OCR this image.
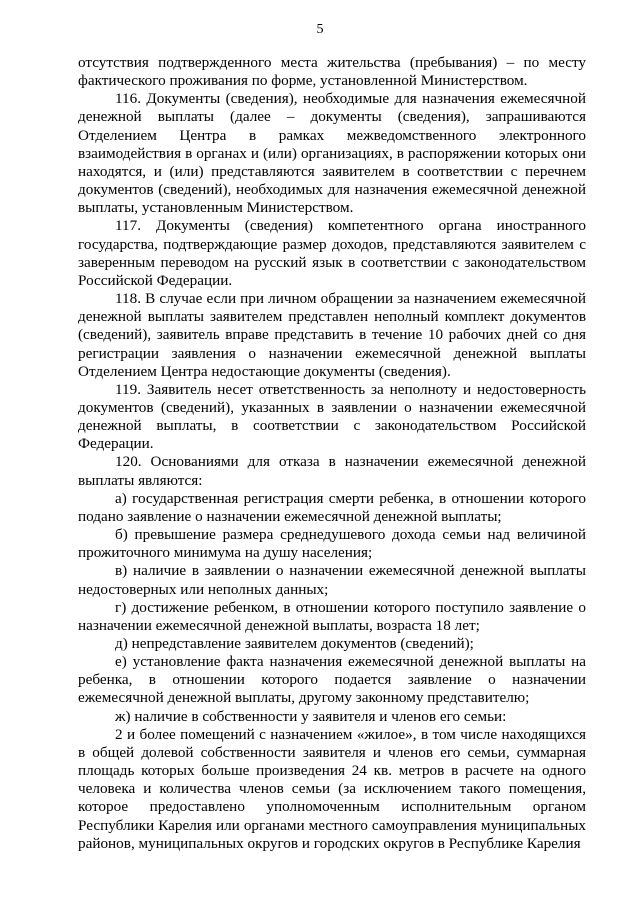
5

отсутствия подтвержденного места жительства (пребывания) – по месту фактического проживания по форме, установленной Министерством.

116. Документы (сведения), необходимые для назначения ежемесячной денежной выплаты (далее – документы (сведения), запрашиваются Отделением Центра в рамках межведомственного электронного взаимодействия в органах и (или) организациях, в распоряжении которых они находятся, и (или) представляются заявителем в соответствии с перечнем документов (сведений), необходимых для назначения ежемесячной денежной выплаты, установленным Министерством.

117. Документы (сведения) компетентного органа иностранного государства, подтверждающие размер доходов, представляются заявителем с заверенным переводом на русский язык в соответствии с законодательством Российской Федерации.

118. В случае если при личном обращении за назначением ежемесячной денежной выплаты заявителем представлен неполный комплект документов (сведений), заявитель вправе представить в течение 10 рабочих дней со дня регистрации заявления о назначении ежемесячной денежной выплаты Отделением Центра недостающие документы (сведения).

119. Заявитель несет ответственность за неполноту и недостоверность документов (сведений), указанных в заявлении о назначении ежемесячной денежной выплаты, в соответствии с законодательством Российской Федерации.

120. Основаниями для отказа в назначении ежемесячной денежной выплаты являются:

а) государственная регистрация смерти ребенка, в отношении которого подано заявление о назначении ежемесячной денежной выплаты;

б) превышение размера среднедушевого дохода семьи над величиной прожиточного минимума на душу населения;

в) наличие в заявлении о назначении ежемесячной денежной выплаты недостоверных или неполных данных;

г) достижение ребенком, в отношении которого поступило заявление о назначении ежемесячной денежной выплаты, возраста 18 лет;

д) непредставление заявителем документов (сведений);

е) установление факта назначения ежемесячной денежной выплаты на ребенка, в отношении которого подается заявление о назначении ежемесячной денежной выплаты, другому законному представителю;

ж) наличие в собственности у заявителя и членов его семьи:

2 и более помещений с назначением «жилое», в том числе находящихся в общей долевой собственности заявителя и членов его семьи, суммарная площадь которых больше произведения 24 кв. метров в расчете на одного человека и количества членов семьи (за исключением такого помещения, которое предоставлено уполномоченным исполнительным органом Республики Карелия или органами местного самоуправления муниципальных районов, муниципальных округов и городских округов в Республике Карелия
